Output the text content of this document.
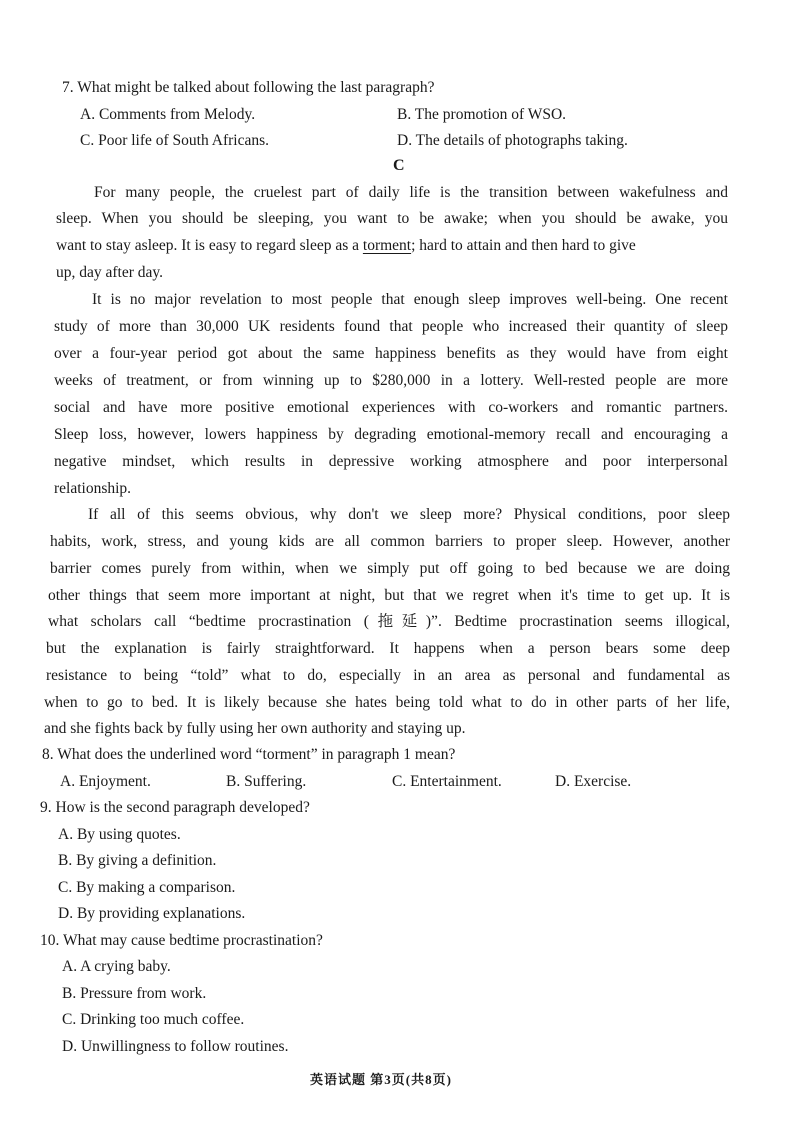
7. What might be talked about following the last paragraph?
A. Comments from Melody.	B. The promotion of WSO.
C. Poor life of South Africans.	D. The details of photographs taking.
C
For many people, the cruelest part of daily life is the transition between wakefulness and
sleep. When you should be sleeping, you want to be awake; when you should be awake, you
want to stay asleep. It is easy to regard sleep as a torment; hard to attain and then hard to give
up, day after day.
It is no major revelation to most people that enough sleep improves well-being. One recent
study of more than 30,000 UK residents found that people who increased their quantity of sleep
over a four-year period got about the same happiness benefits as they would have from eight
weeks of treatment, or from winning up to $280,000 in a lottery. Well-rested people are more
social and have more positive emotional experiences with co-workers and romantic partners.
Sleep loss, however, lowers happiness by degrading emotional-memory recall and encouraging a
negative mindset, which results in depressive working atmosphere and poor interpersonal
relationship.
If all of this seems obvious, why don't we sleep more? Physical conditions, poor sleep
habits, work, stress, and young kids are all common barriers to proper sleep. However, another
barrier comes purely from within, when we simply put off going to bed because we are doing
other things that seem more important at night, but that we regret when it's time to get up. It is
what scholars call “bedtime procrastination (拖延)”. Bedtime procrastination seems illogical,
but the explanation is fairly straightforward. It happens when a person bears some deep
resistance to being “told” what to do, especially in an area as personal and fundamental as
when to go to bed. It is likely because she hates being told what to do in other parts of her life,
and she fights back by fully using her own authority and staying up.
8. What does the underlined word “torment” in paragraph 1 mean?
A. Enjoyment.	B. Suffering.	C. Entertainment.	D. Exercise.
9. How is the second paragraph developed?
A. By using quotes.
B. By giving a definition.
C. By making a comparison.
D. By providing explanations.
10. What may cause bedtime procrastination?
A. A crying baby.
B. Pressure from work.
C. Drinking too much coffee.
D. Unwillingness to follow routines.
英语试题 第3页(共8页)
